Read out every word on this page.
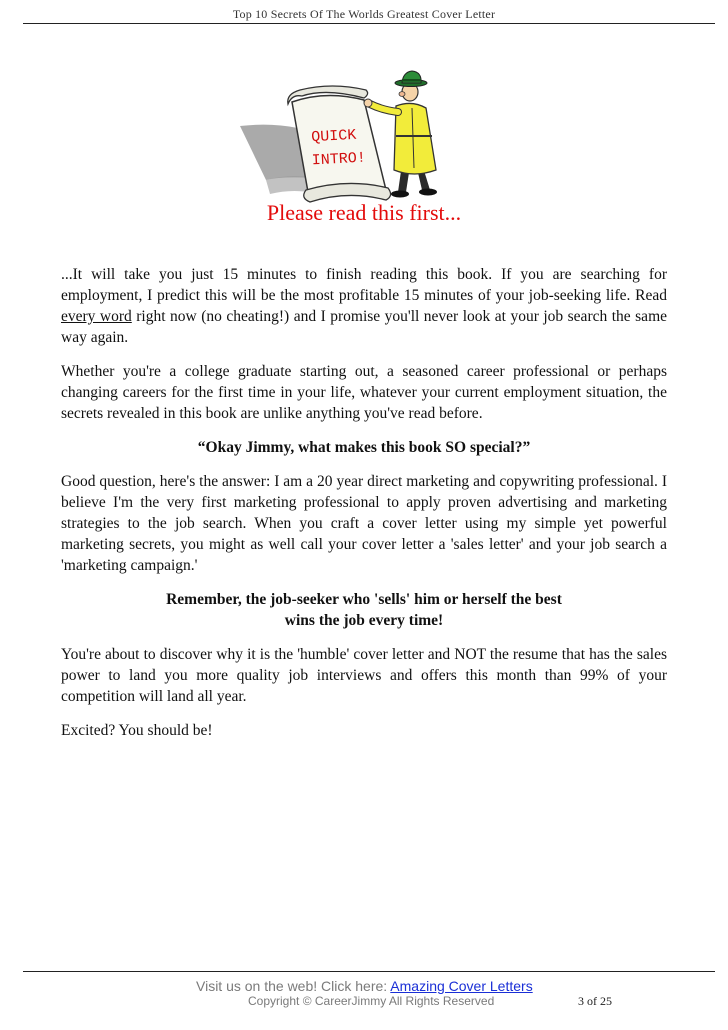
Top 10 Secrets Of The Worlds Greatest Cover Letter
QUICK
INTRO!
Please read this first...

...It will take you just 15 minutes to finish reading this book. If you are searching for employment, I predict this will be the most profitable 15 minutes of your job-seeking life. Read every word right now (no cheating!) and I promise you'll never look at your job search the same way again.

Whether you're a college graduate starting out, a seasoned career professional or perhaps changing careers for the first time in your life, whatever your current employment situation, the secrets revealed in this book are unlike anything you've read before.

“Okay Jimmy, what makes this book SO special?”

Good question, here's the answer: I am a 20 year direct marketing and copywriting professional. I believe I'm the very first marketing professional to apply proven advertising and marketing strategies to the job search. When you craft a cover letter using my simple yet powerful marketing secrets, you might as well call your cover letter a 'sales letter' and your job search a 'marketing campaign.'

Remember, the job-seeker who 'sells' him or herself the best
wins the job every time!

You're about to discover why it is the 'humble' cover letter and NOT the resume that has the sales power to land you more quality job interviews and offers this month than 99% of your competition will land all year.

Excited? You should be!

Visit us on the web! Click here: Amazing Cover Letters
Copyright © CareerJimmy All Rights Reserved	3 of 25
